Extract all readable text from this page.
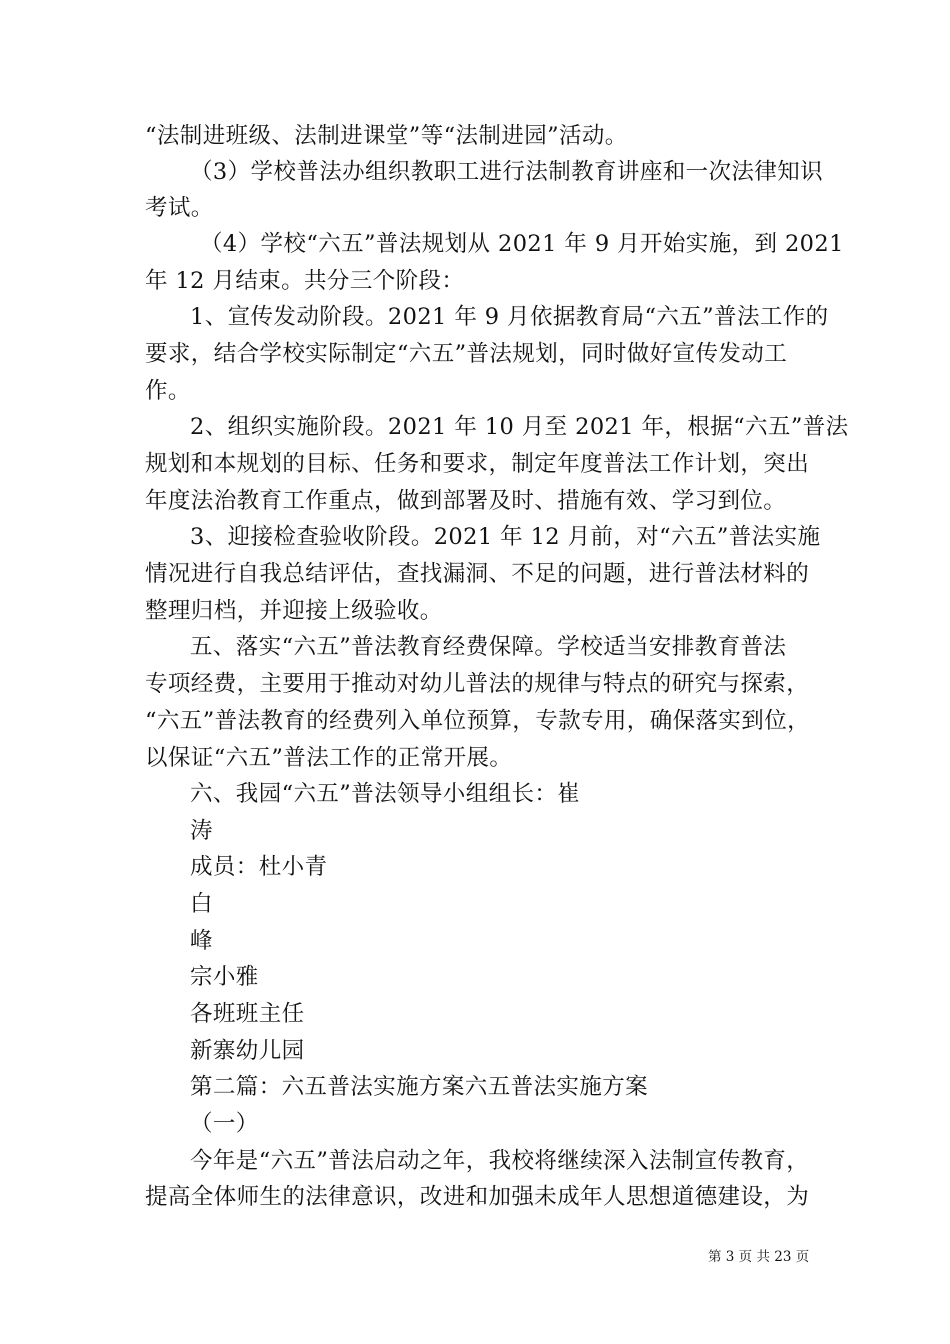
“法制进班级、法制进课堂”等“法制进园”活动。
（3）学校普法办组织教职工进行法制教育讲座和一次法律知识
考试。
（4）学校“六五”普法规划从 2021 年 9 月开始实施，到 2021
年 12 月结束。共分三个阶段：
1、宣传发动阶段。2021 年 9 月依据教育局“六五”普法工作的
要求，结合学校实际制定“六五”普法规划，同时做好宣传发动工
作。
2、组织实施阶段。2021 年 10 月至 2021 年，根据“六五”普法
规划和本规划的目标、任务和要求，制定年度普法工作计划，突出
年度法治教育工作重点，做到部署及时、措施有效、学习到位。
3、迎接检查验收阶段。2021 年 12 月前，对“六五”普法实施
情况进行自我总结评估，查找漏洞、不足的问题，进行普法材料的
整理归档，并迎接上级验收。
五、落实“六五”普法教育经费保障。学校适当安排教育普法
专项经费，主要用于推动对幼儿普法的规律与特点的研究与探索，
“六五”普法教育的经费列入单位预算，专款专用，确保落实到位，
以保证“六五”普法工作的正常开展。
六、我园“六五”普法领导小组组长：崔
涛
成员：杜小青
白
峰
宗小雅
各班班主任
新寨幼儿园
第二篇：六五普法实施方案六五普法实施方案
（一）
今年是“六五”普法启动之年，我校将继续深入法制宣传教育，
提高全体师生的法律意识，改进和加强未成年人思想道德建设，为
第 3 页 共 23 页
